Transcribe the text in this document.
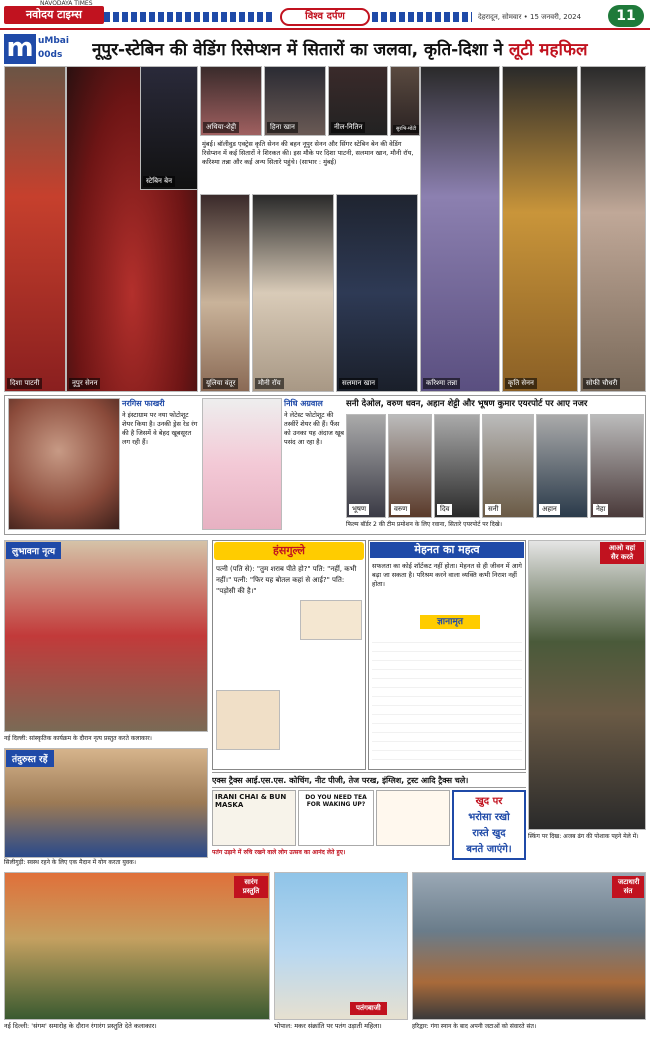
नवोदय टाइम्स
NAVODAYA TIMES
विश्व दर्पण	देहरादून, सोमवार • 15 जनवरी, 2024	11
m uMbai
00ds	नूपुर-स्टेबिन की वेडिंग रिसेप्शन में सितारों का जलवा, कृति-दिशा ने लूटी महफिल
दिशा पाटनी	नूपुर सेनन
स्टेबिन बेन
अथिया-शेट्टी	हिना खान	नील-नितिन	सुरभि-मोंटी
मुंबई। बॉलीवुड एक्ट्रेस कृति सेनन की बहन नूपुर सेनन और सिंगर स्टेबिन बेन की वेडिंग रिसेप्शन में कई सितारों ने शिरकत की। इस मौके पर दिशा पाटनी, सलमान खान, मौनी रॉय, करिश्मा तन्ना और कई अन्य सितारे पहुंचे। (साभार : मुंबई)
यूलिया वंतूर	मौनी रॉय	सलमान खान	करिश्मा तन्ना	कृति सेनन	सोफी चौधरी
नरगिस फाखरी
ने इंस्टाग्राम पर नया फोटोशूट शेयर किया है। उनकी ड्रेस रेड रंग की है जिसमें वे बेहद खूबसूरत लग रही हैं।
निधि अग्रवाल
ने लेटेस्ट फोटोशूट की तस्वीरें शेयर की हैं। फैंस को उनका यह अंदाज खूब पसंद आ रहा है।
सनी देओल, वरुण धवन, अहान शेट्टी और भूषण कुमार एयरपोर्ट पर आए नजर
भूषण	वरुण	दिव	सनी	अहान	नेहा
फिल्म बॉर्डर 2 की टीम प्रमोशन के लिए रवाना, सितारे एयरपोर्ट पर दिखे।
लुभावना नृत्य
नई दिल्ली: सांस्कृतिक कार्यक्रम के दौरान नृत्य प्रस्तुत करते कलाकार।
तंदुरुस्त रहें
सिलीगुड़ी: स्वस्थ रहने के लिए एक मैदान में योग करता युवक।
हंसगुल्ले
पत्नी (पति से): "तुम शराब पीते हो?" पति: "नहीं, कभी नहीं।" पत्नी: "फिर यह बोतल कहां से आई?" पति: "पड़ोसी की है।"
मेहनत का महत्व
सफलता का कोई शॉर्टकट नहीं होता। मेहनत से ही जीवन में आगे बढ़ा जा सकता है। परिश्रम करने वाला व्यक्ति कभी निराश नहीं होता।
ज्ञानामृत
आओ वहां सैर करते
स्किंग पर दिख: अजब ढंग की पोशाक पहने मेले में।
एक्स ट्रैक्स आई.एस.एस. कोचिंग, नीट पीजी, तेज परख, इंग्लिश, ट्रस्ट आदि ट्रैक्स चले।
IRANI CHAI & BUN MASKA
DO YOU NEED TEA FOR WAKING UP?	खुद पर
भरोसा रखो
रास्ते खुद
बनते जाएंगे।
पतंग उड़ाने में रुचि रखने वाले लोग उत्सव का आनंद लेते हुए।
सारंग प्रस्तुति
नई दिल्ली: 'संगम' समारोह के दौरान रंगारंग प्रस्तुति देते कलाकार।
पतंगबाजी
भोपाल: मकर संक्रांति पर पतंग उड़ाती महिला।
जटाधारी संत
हरिद्वार: गंगा स्नान के बाद अपनी जटाओं को संवारते संत।
